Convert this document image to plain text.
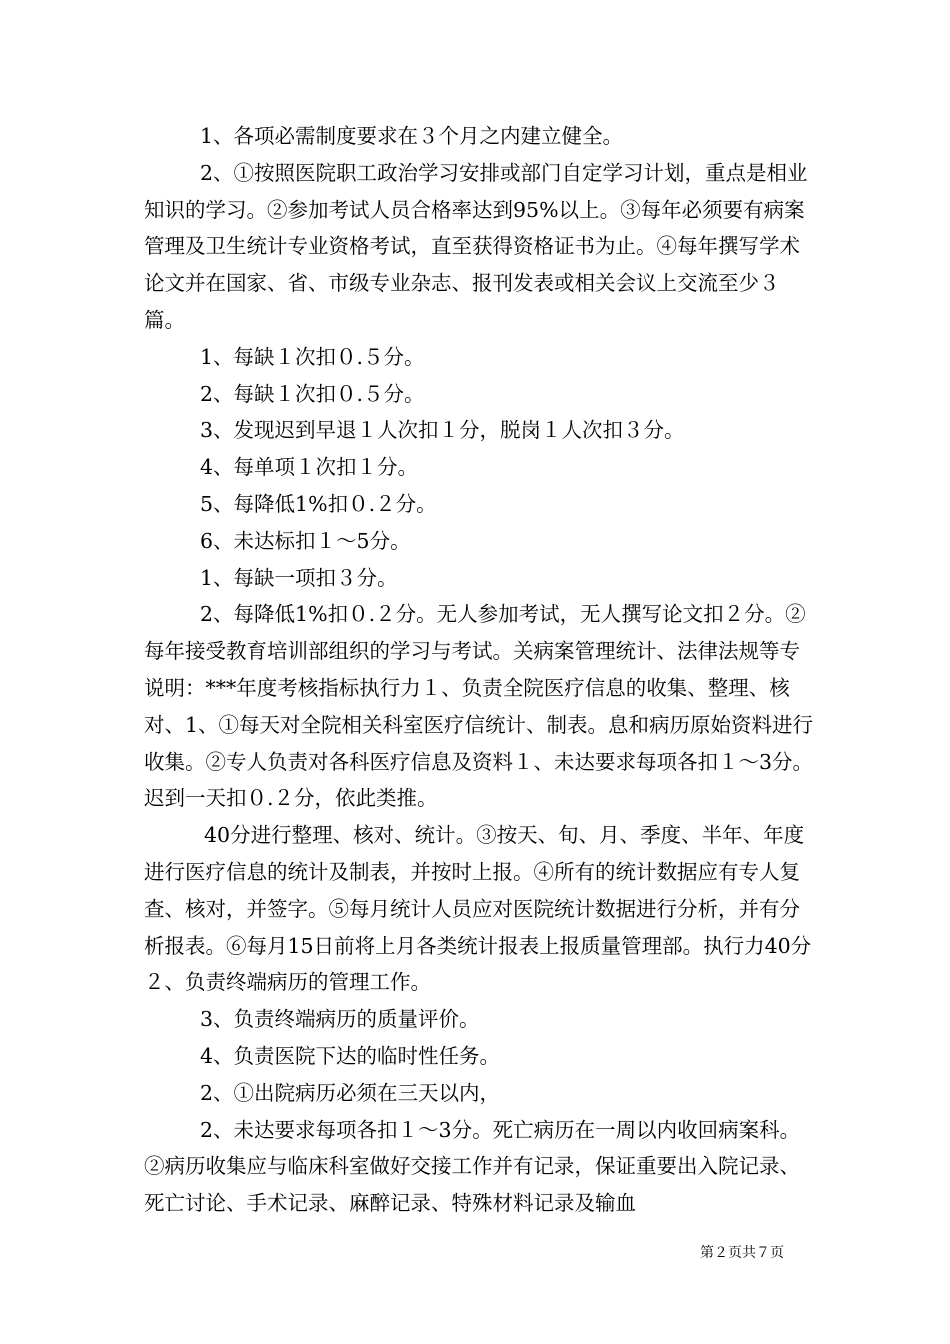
1、各项必需制度要求在３个月之内建立健全。

2、①按照医院职工政治学习安排或部门自定学习计划，重点是相业知识的学习。②参加考试人员合格率达到95%以上。③每年必须要有病案管理及卫生统计专业资格考试，直至获得资格证书为止。④每年撰写学术论文并在国家、省、市级专业杂志、报刊发表或相关会议上交流至少３篇。

1、每缺１次扣０.５分。

2、每缺１次扣０.５分。

3、发现迟到早退１人次扣１分，脱岗１人次扣３分。

4、每单项１次扣１分。

5、每降低1%扣０.２分。

6、未达标扣１～5分。

1、每缺一项扣３分。

2、每降低1%扣０.２分。无人参加考试，无人撰写论文扣２分。②每年接受教育培训部组织的学习与考试。关病案管理统计、法律法规等专说明：***年度考核指标执行力１、负责全院医疗信息的收集、整理、核对、1、①每天对全院相关科室医疗信统计、制表。息和病历原始资料进行收集。②专人负责对各科医疗信息及资料１、未达要求每项各扣１～3分。迟到一天扣０.２分，依此类推。

40分进行整理、核对、统计。③按天、旬、月、季度、半年、年度进行医疗信息的统计及制表，并按时上报。④所有的统计数据应有专人复查、核对，并签字。⑤每月统计人员应对医院统计数据进行分析，并有分析报表。⑥每月15日前将上月各类统计报表上报质量管理部。执行力40分２、负责终端病历的管理工作。

3、负责终端病历的质量评价。

4、负责医院下达的临时性任务。

2、①出院病历必须在三天以内，

2、未达要求每项各扣１～3分。死亡病历在一周以内收回病案科。②病历收集应与临床科室做好交接工作并有记录，保证重要出入院记录、死亡讨论、手术记录、麻醉记录、特殊材料记录及输血

第２页共７页
